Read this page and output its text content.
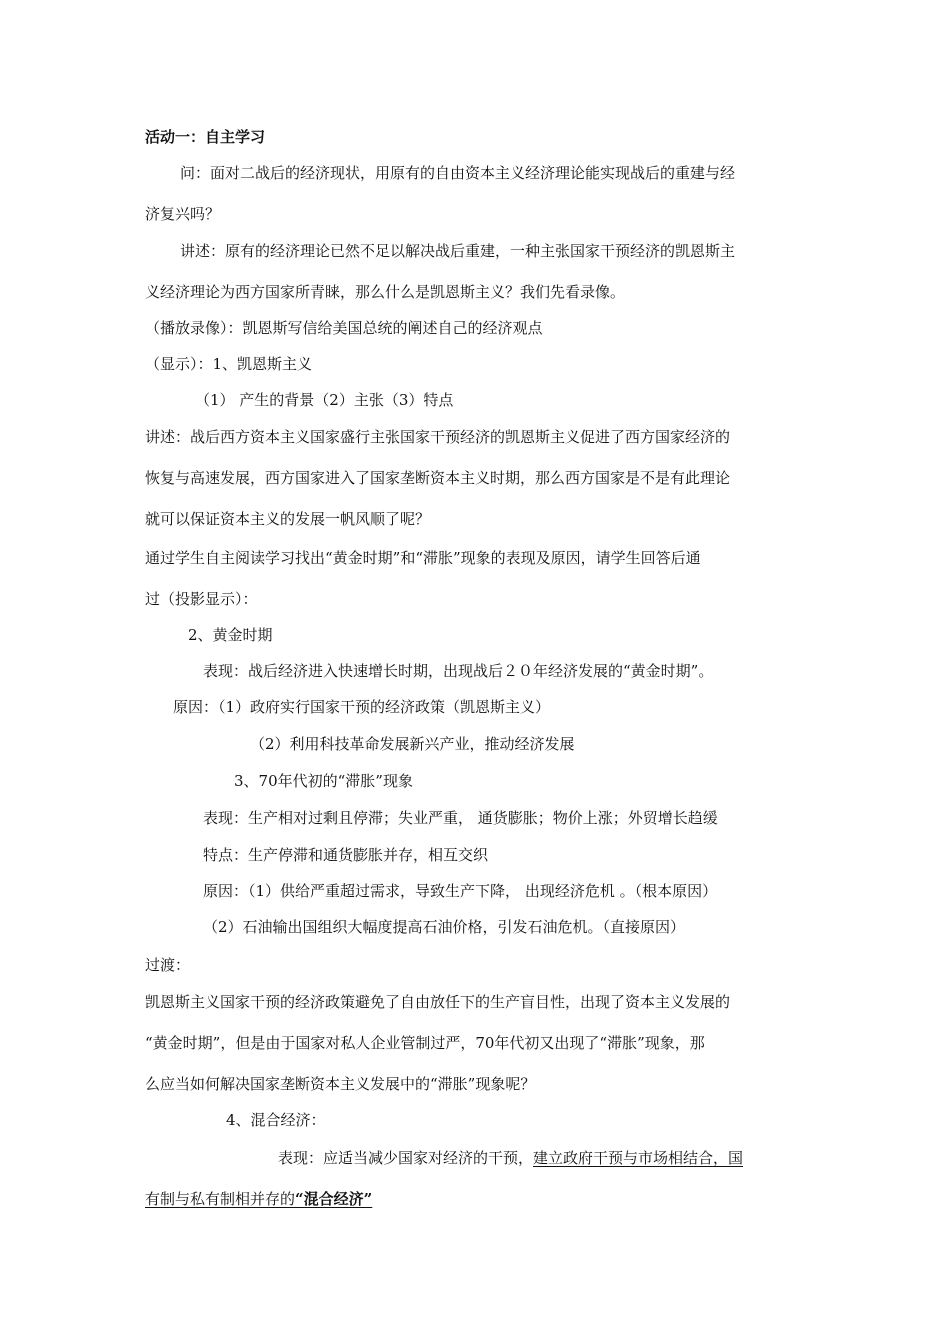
活动一：自主学习
问：面对二战后的经济现状，用原有的自由资本主义经济理论能实现战后的重建与经
济复兴吗？
讲述：原有的经济理论已然不足以解决战后重建，一种主张国家干预经济的凯恩斯主
义经济理论为西方国家所青睐，那么什么是凯恩斯主义？我们先看录像。
（播放录像）：凯恩斯写信给美国总统的阐述自己的经济观点
（显示）：1、凯恩斯主义
（1） 产生的背景（2）主张（3）特点
讲述：战后西方资本主义国家盛行主张国家干预经济的凯恩斯主义促进了西方国家经济的
恢复与高速发展，西方国家进入了国家垄断资本主义时期，那么西方国家是不是有此理论
就可以保证资本主义的发展一帆风顺了呢？
通过学生自主阅读学习找出“黄金时期”和“滞胀”现象的表现及原因，请学生回答后通
过（投影显示）：
2、黄金时期
表现：战后经济进入快速增长时期，出现战后２０年经济发展的“黄金时期”。
原因：（1）政府实行国家干预的经济政策（凯恩斯主义）
（2）利用科技革命发展新兴产业，推动经济发展
3、70年代初的“滞胀”现象
表现：生产相对过剩且停滞；失业严重， 通货膨胀；物价上涨；外贸增长趋缓
特点：生产停滞和通货膨胀并存，相互交织
原因：（1）供给严重超过需求，导致生产下降， 出现经济危机 。（根本原因）
（2）石油输出国组织大幅度提高石油价格，引发石油危机。（直接原因）
过渡：
凯恩斯主义国家干预的经济政策避免了自由放任下的生产盲目性，出现了资本主义发展的
“黄金时期”，但是由于国家对私人企业管制过严，70年代初又出现了“滞胀”现象，那
么应当如何解决国家垄断资本主义发展中的“滞胀”现象呢？
4、混合经济：
表现：应适当减少国家对经济的干预，建立政府干预与市场相结合，国
有制与私有制相并存的“混合经济”
